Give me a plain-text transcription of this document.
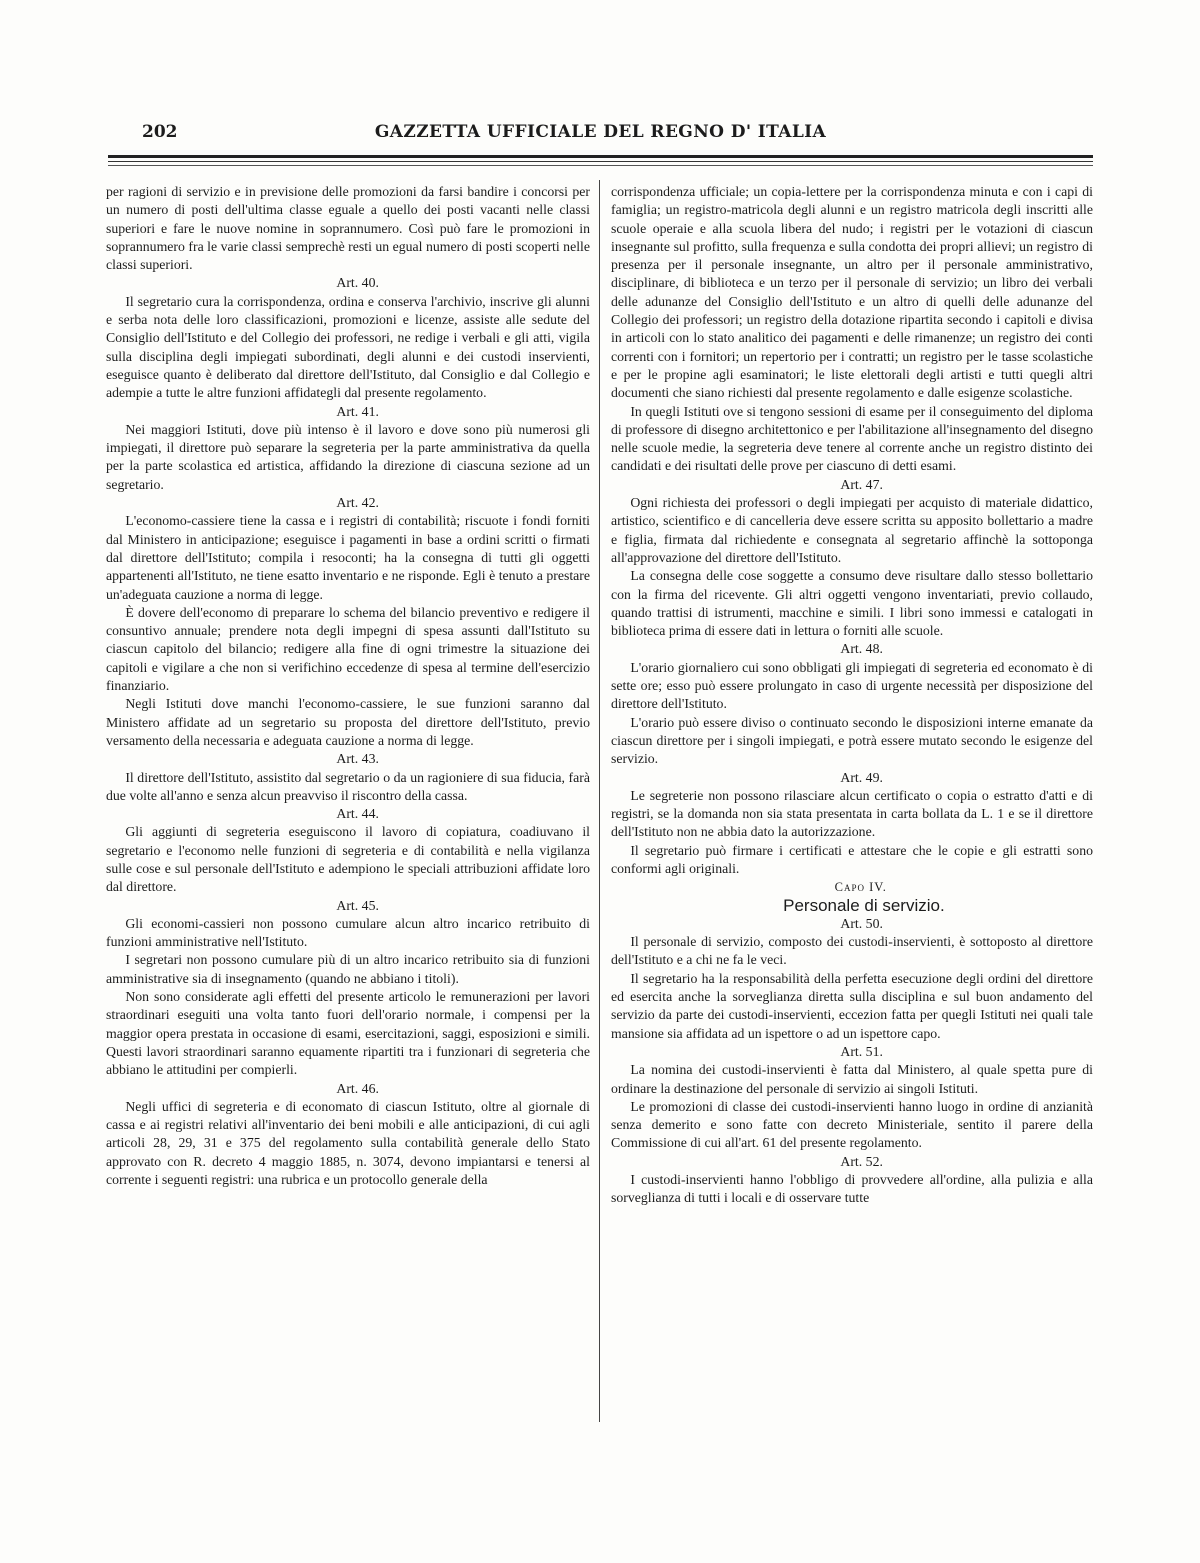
202	GAZZETTA UFFICIALE DEL REGNO D' ITALIA

per ragioni di servizio e in previsione delle promozioni da farsi bandire i concorsi per un numero di posti dell'ultima classe eguale a quello dei posti vacanti nelle classi superiori e fare le nuove nomine in soprannumero. Così può fare le promozioni in soprannumero fra le varie classi semprechè resti un egual numero di posti scoperti nelle classi superiori.

Art. 40.

Il segretario cura la corrispondenza, ordina e conserva l'archivio, inscrive gli alunni e serba nota delle loro classificazioni, promozioni e licenze, assiste alle sedute del Consiglio dell'Istituto e del Collegio dei professori, ne redige i verbali e gli atti, vigila sulla disciplina degli impiegati subordinati, degli alunni e dei custodi inservienti, eseguisce quanto è deliberato dal direttore dell'Istituto, dal Consiglio e dal Collegio e adempie a tutte le altre funzioni affidategli dal presente regolamento.

Art. 41.

Nei maggiori Istituti, dove più intenso è il lavoro e dove sono più numerosi gli impiegati, il direttore può separare la segreteria per la parte amministrativa da quella per la parte scolastica ed artistica, affidando la direzione di ciascuna sezione ad un segretario.

Art. 42.

L'economo-cassiere tiene la cassa e i registri di contabilità; riscuote i fondi forniti dal Ministero in anticipazione; eseguisce i pagamenti in base a ordini scritti o firmati dal direttore dell'Istituto; compila i resoconti; ha la consegna di tutti gli oggetti appartenenti all'Istituto, ne tiene esatto inventario e ne risponde. Egli è tenuto a prestare un'adeguata cauzione a norma di legge.

È dovere dell'economo di preparare lo schema del bilancio preventivo e redigere il consuntivo annuale; prendere nota degli impegni di spesa assunti dall'Istituto su ciascun capitolo del bilancio; redigere alla fine di ogni trimestre la situazione dei capitoli e vigilare a che non si verifichino eccedenze di spesa al termine dell'esercizio finanziario.

Negli Istituti dove manchi l'economo-cassiere, le sue funzioni saranno dal Ministero affidate ad un segretario su proposta del direttore dell'Istituto, previo versamento della necessaria e adeguata cauzione a norma di legge.

Art. 43.

Il direttore dell'Istituto, assistito dal segretario o da un ragioniere di sua fiducia, farà due volte all'anno e senza alcun preavviso il riscontro della cassa.

Art. 44.

Gli aggiunti di segreteria eseguiscono il lavoro di copiatura, coadiuvano il segretario e l'economo nelle funzioni di segreteria e di contabilità e nella vigilanza sulle cose e sul personale dell'Istituto e adempiono le speciali attribuzioni affidate loro dal direttore.

Art. 45.

Gli economi-cassieri non possono cumulare alcun altro incarico retribuito di funzioni amministrative nell'Istituto.

I segretari non possono cumulare più di un altro incarico retribuito sia di funzioni amministrative sia di insegnamento (quando ne abbiano i titoli).

Non sono considerate agli effetti del presente articolo le remunerazioni per lavori straordinari eseguiti una volta tanto fuori dell'orario normale, i compensi per la maggior opera prestata in occasione di esami, esercitazioni, saggi, esposizioni e simili. Questi lavori straordinari saranno equamente ripartiti tra i funzionari di segreteria che abbiano le attitudini per compierli.

Art. 46.

Negli uffici di segreteria e di economato di ciascun Istituto, oltre al giornale di cassa e ai registri relativi all'inventario dei beni mobili e alle anticipazioni, di cui agli articoli 28, 29, 31 e 375 del regolamento sulla contabilità generale dello Stato approvato con R. decreto 4 maggio 1885, n. 3074, devono impiantarsi e tenersi al corrente i seguenti registri: una rubrica e un protocollo generale della

corrispondenza ufficiale; un copia-lettere per la corrispondenza minuta e con i capi di famiglia; un registro-matricola degli alunni e un registro matricola degli inscritti alle scuole operaie e alla scuola libera del nudo; i registri per le votazioni di ciascun insegnante sul profitto, sulla frequenza e sulla condotta dei propri allievi; un registro di presenza per il personale insegnante, un altro per il personale amministrativo, disciplinare, di biblioteca e un terzo per il personale di servizio; un libro dei verbali delle adunanze del Consiglio dell'Istituto e un altro di quelli delle adunanze del Collegio dei professori; un registro della dotazione ripartita secondo i capitoli e divisa in articoli con lo stato analitico dei pagamenti e delle rimanenze; un registro dei conti correnti con i fornitori; un repertorio per i contratti; un registro per le tasse scolastiche e per le propine agli esaminatori; le liste elettorali degli artisti e tutti quegli altri documenti che siano richiesti dal presente regolamento e dalle esigenze scolastiche.

In quegli Istituti ove si tengono sessioni di esame per il conseguimento del diploma di professore di disegno architettonico e per l'abilitazione all'insegnamento del disegno nelle scuole medie, la segreteria deve tenere al corrente anche un registro distinto dei candidati e dei risultati delle prove per ciascuno di detti esami.

Art. 47.

Ogni richiesta dei professori o degli impiegati per acquisto di materiale didattico, artistico, scientifico e di cancelleria deve essere scritta su apposito bollettario a madre e figlia, firmata dal richiedente e consegnata al segretario affinchè la sottoponga all'approvazione del direttore dell'Istituto.

La consegna delle cose soggette a consumo deve risultare dallo stesso bollettario con la firma del ricevente. Gli altri oggetti vengono inventariati, previo collaudo, quando trattisi di istrumenti, macchine e simili. I libri sono immessi e catalogati in biblioteca prima di essere dati in lettura o forniti alle scuole.

Art. 48.

L'orario giornaliero cui sono obbligati gli impiegati di segreteria ed economato è di sette ore; esso può essere prolungato in caso di urgente necessità per disposizione del direttore dell'Istituto.

L'orario può essere diviso o continuato secondo le disposizioni interne emanate da ciascun direttore per i singoli impiegati, e potrà essere mutato secondo le esigenze del servizio.

Art. 49.

Le segreterie non possono rilasciare alcun certificato o copia o estratto d'atti e di registri, se la domanda non sia stata presentata in carta bollata da L. 1 e se il direttore dell'Istituto non ne abbia dato la autorizzazione.

Il segretario può firmare i certificati e attestare che le copie e gli estratti sono conformi agli originali.

Capo IV.

Personale di servizio.

Art. 50.

Il personale di servizio, composto dei custodi-inservienti, è sottoposto al direttore dell'Istituto e a chi ne fa le veci.

Il segretario ha la responsabilità della perfetta esecuzione degli ordini del direttore ed esercita anche la sorveglianza diretta sulla disciplina e sul buon andamento del servizio da parte dei custodi-inservienti, eccezion fatta per quegli Istituti nei quali tale mansione sia affidata ad un ispettore o ad un ispettore capo.

Art. 51.

La nomina dei custodi-inservienti è fatta dal Ministero, al quale spetta pure di ordinare la destinazione del personale di servizio ai singoli Istituti.

Le promozioni di classe dei custodi-inservienti hanno luogo in ordine di anzianità senza demerito e sono fatte con decreto Ministeriale, sentito il parere della Commissione di cui all'art. 61 del presente regolamento.

Art. 52.

I custodi-inservienti hanno l'obbligo di provvedere all'ordine, alla pulizia e alla sorveglianza di tutti i locali e di osservare tutte
